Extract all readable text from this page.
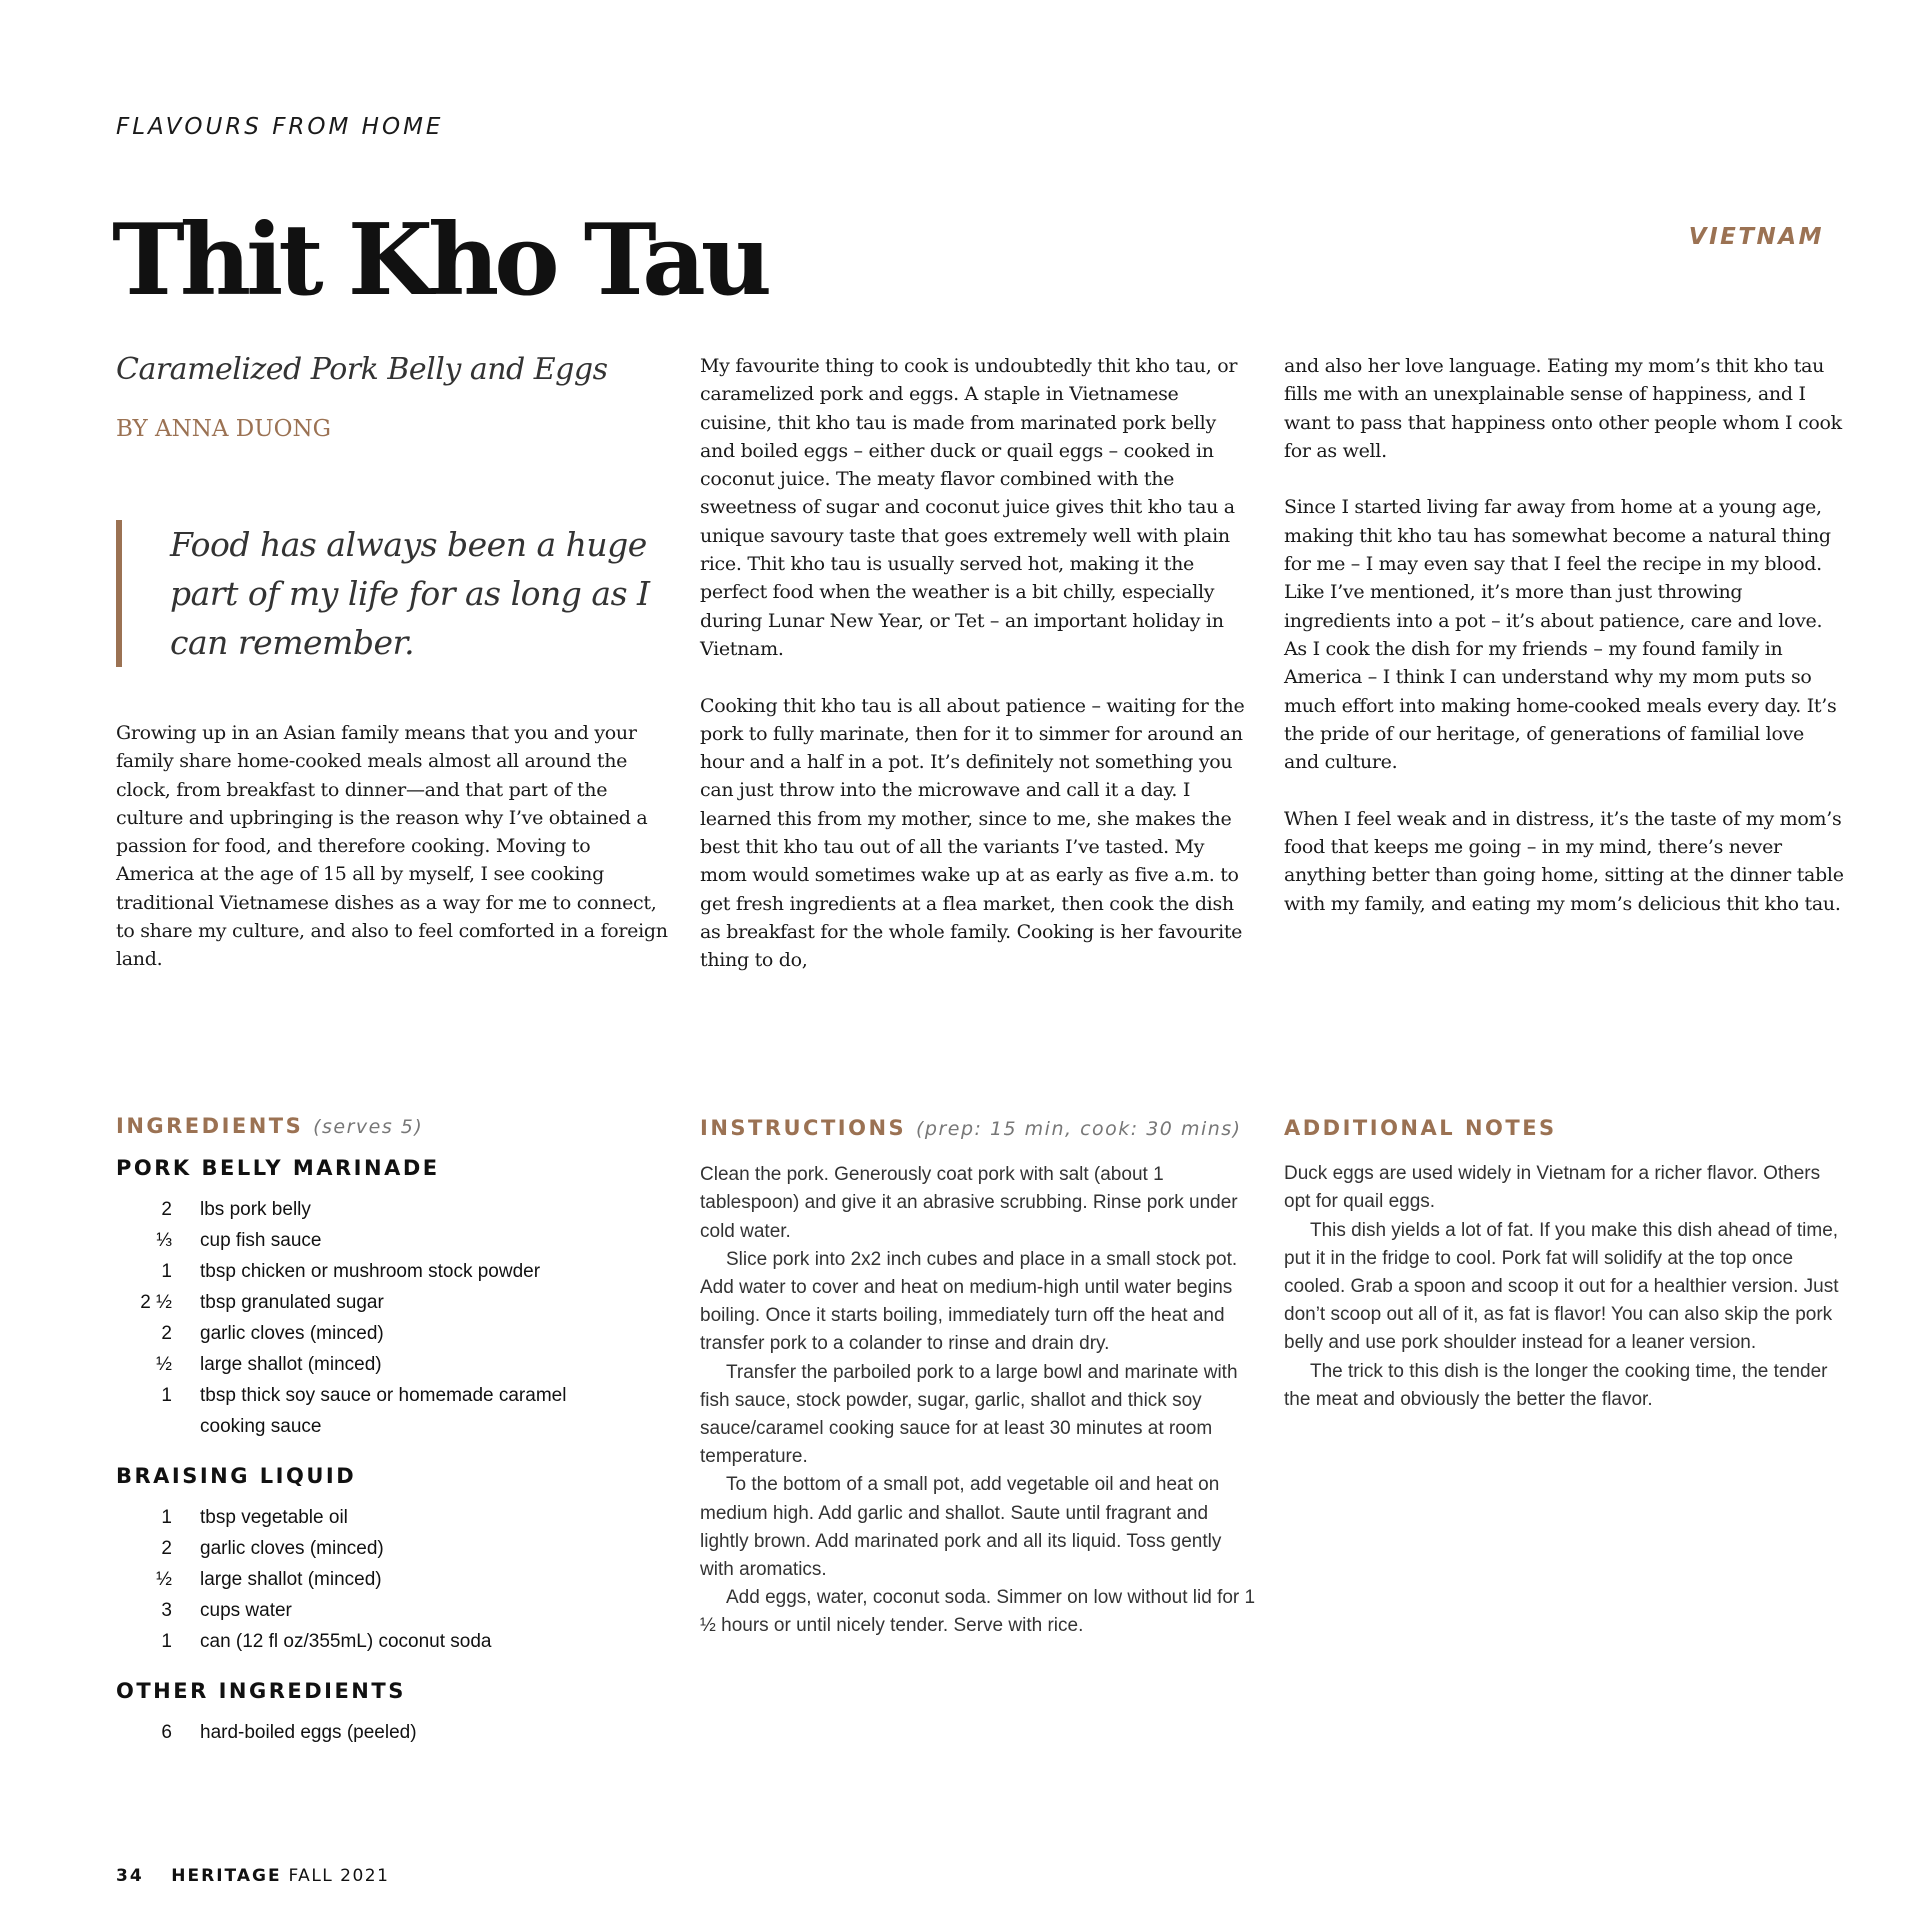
FLAVOURS FROM HOME
VIETNAM
Thit Kho Tau
Caramelized Pork Belly and Eggs
BY ANNA DUONG
Food has always been a huge part of my life for as long as I can remember.

Growing up in an Asian family means that you and your family share home-cooked meals almost all around the clock, from breakfast to dinner—and that part of the culture and upbringing is the reason why I’ve obtained a passion for food, and therefore cooking. Moving to America at the age of 15 all by myself, I see cooking traditional Vietnamese dishes as a way for me to connect, to share my culture, and also to feel comforted in a foreign land.

My favourite thing to cook is undoubtedly thit kho tau, or caramelized pork and eggs. A staple in Vietnamese cuisine, thit kho tau is made from marinated pork belly and boiled eggs – either duck or quail eggs – cooked in coconut juice. The meaty flavor combined with the sweetness of sugar and coconut juice gives thit kho tau a unique savoury taste that goes extremely well with plain rice. Thit kho tau is usually served hot, making it the perfect food when the weather is a bit chilly, especially during Lunar New Year, or Tet – an important holiday in Vietnam.

Cooking thit kho tau is all about patience – waiting for the pork to fully marinate, then for it to simmer for around an hour and a half in a pot. It’s definitely not something you can just throw into the microwave and call it a day. I learned this from my mother, since to me, she makes the best thit kho tau out of all the variants I’ve tasted. My mom would sometimes wake up at as early as five a.m. to get fresh ingredients at a flea market, then cook the dish as breakfast for the whole family. Cooking is her favourite thing to do,

and also her love language. Eating my mom’s thit kho tau fills me with an unexplainable sense of happiness, and I want to pass that happiness onto other people whom I cook for as well.

Since I started living far away from home at a young age, making thit kho tau has somewhat become a natural thing for me – I may even say that I feel the recipe in my blood. Like I’ve mentioned, it’s more than just throwing ingredients into a pot – it’s about patience, care and love. As I cook the dish for my friends – my found family in America – I think I can understand why my mom puts so much effort into making home-cooked meals every day. It’s the pride of our heritage, of generations of familial love and culture.

When I feel weak and in distress, it’s the taste of my mom’s food that keeps me going – in my mind, there’s never anything better than going home, sitting at the dinner table with my family, and eating my mom’s delicious thit kho tau.

INGREDIENTS (serves 5)
PORK BELLY MARINADE
2 lbs pork belly
⅓ cup fish sauce
1 tbsp chicken or mushroom stock powder
2 ½ tbsp granulated sugar
2 garlic cloves (minced)
½ large shallot (minced)
1 tbsp thick soy sauce or homemade caramel cooking sauce
BRAISING LIQUID
1 tbsp vegetable oil
2 garlic cloves (minced)
½ large shallot (minced)
3 cups water
1 can (12 fl oz/355mL) coconut soda
OTHER INGREDIENTS
6 hard-boiled eggs (peeled)
INSTRUCTIONS (prep: 15 min, cook: 30 mins)

Clean the pork. Generously coat pork with salt (about 1 tablespoon) and give it an abrasive scrubbing. Rinse pork under cold water.

Slice pork into 2x2 inch cubes and place in a small stock pot. Add water to cover and heat on medium-high until water begins boiling. Once it starts boiling, immediately turn off the heat and transfer pork to a colander to rinse and drain dry.

Transfer the parboiled pork to a large bowl and marinate with fish sauce, stock powder, sugar, garlic, shallot and thick soy sauce/caramel cooking sauce for at least 30 minutes at room temperature.

To the bottom of a small pot, add vegetable oil and heat on medium high. Add garlic and shallot. Saute until fragrant and lightly brown. Add marinated pork and all its liquid. Toss gently with aromatics.

Add eggs, water, coconut soda. Simmer on low without lid for 1 ½ hours or until nicely tender. Serve with rice.

ADDITIONAL NOTES

Duck eggs are used widely in Vietnam for a richer flavor. Others opt for quail eggs.

This dish yields a lot of fat. If you make this dish ahead of time, put it in the fridge to cool. Pork fat will solidify at the top once cooled. Grab a spoon and scoop it out for a healthier version. Just don’t scoop out all of it, as fat is flavor! You can also skip the pork belly and use pork shoulder instead for a leaner version.

The trick to this dish is the longer the cooking time, the tender the meat and obviously the better the flavor.

34 HERITAGE FALL 2021
